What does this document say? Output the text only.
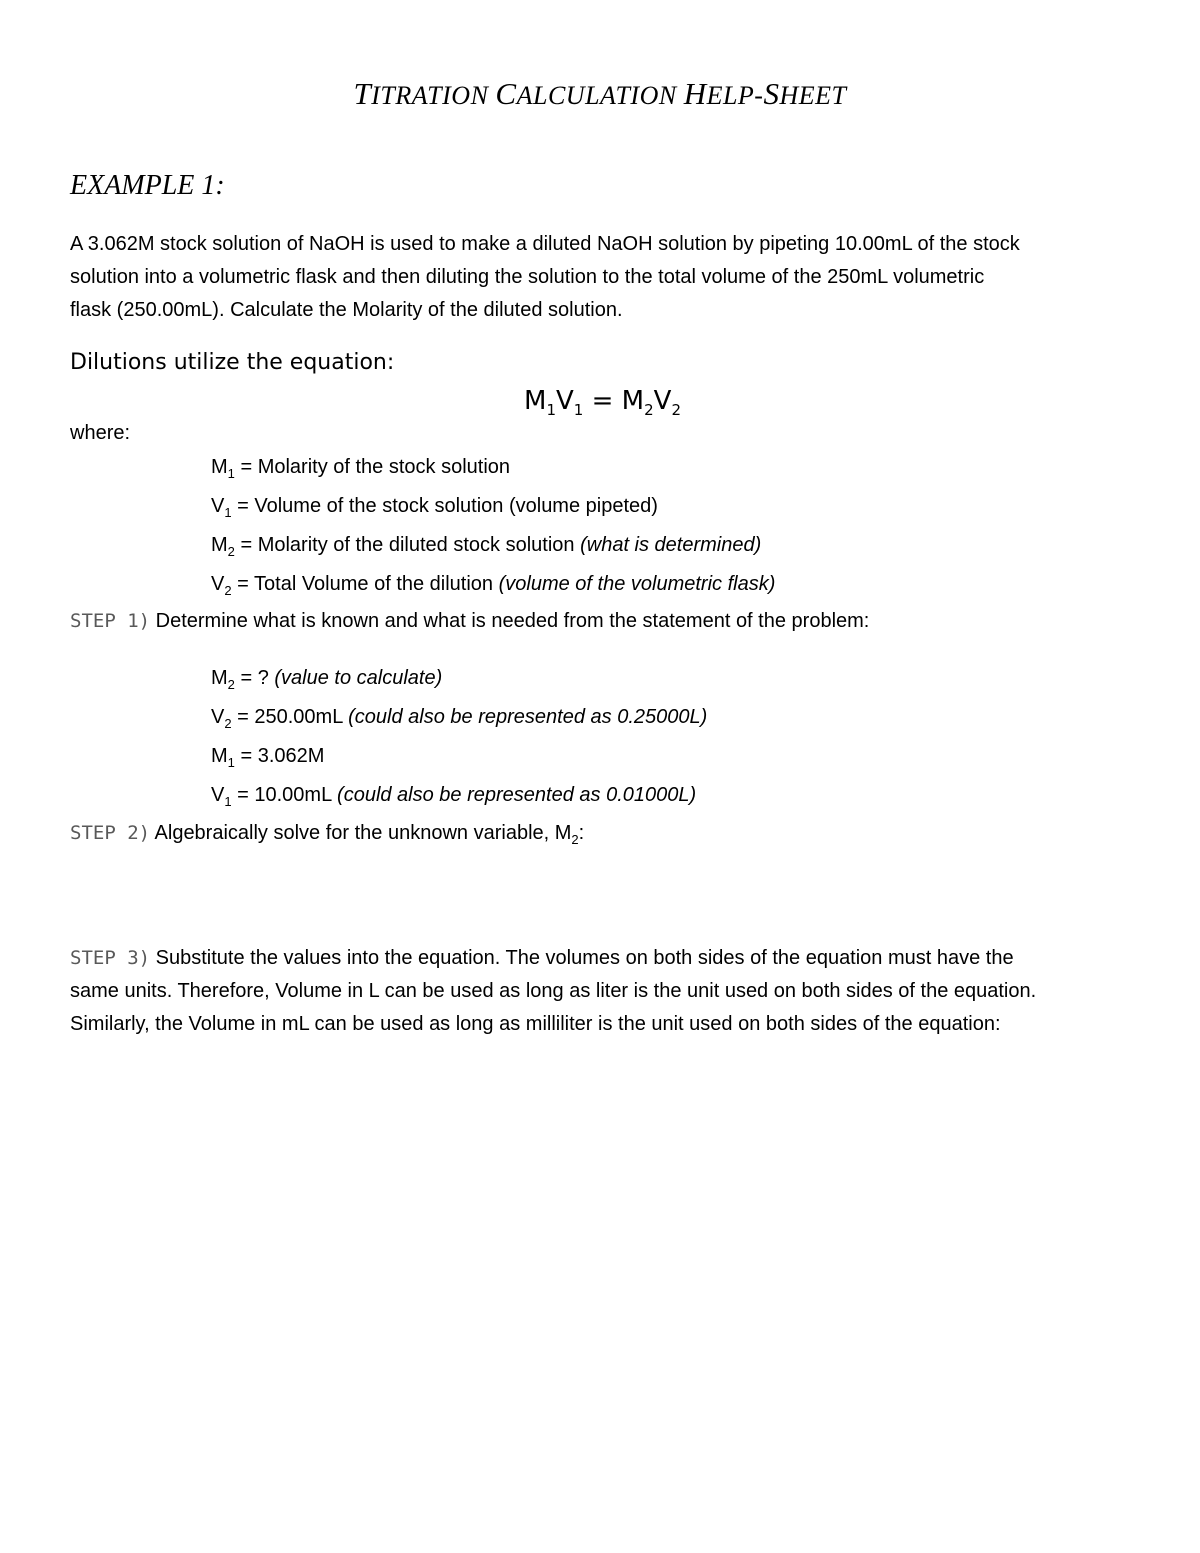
TITRATION CALCULATION HELP-SHEET
EXAMPLE 1:

A 3.062M stock solution of NaOH is used to make a diluted NaOH solution by pipeting 10.00mL of the stock

solution into a volumetric flask and then diluting the solution to the total volume of the 250mL volumetric

flask (250.00mL). Calculate the Molarity of the diluted solution.

Dilutions utilize the equation:
$M_1V_1 = M_2V_2$
where:
$M_1$ = Molarity of the stock solution
$V_1$ = Volume of the stock solution (volume pipeted)
$M_2$ = Molarity of the diluted stock solution (what is determined)
$V_2$ = Total Volume of the dilution (volume of the volumetric flask)

STEP 1) Determine what is known and what is needed from the statement of the problem:

$M_2$ = ? (value to calculate)
$V_2 = 250.00mL$ (could also be represented as 0.25000L)
$M_1 = 3.062M$
$V_1 = 10.00mL$ (could also be represented as 0.01000L)

STEP 2) Algebraically solve for the unknown variable, $M_2$:

STEP 3) Substitute the values into the equation. The volumes on both sides of the equation must have the

same units. Therefore, Volume in L can be used as long as liter is the unit used on both sides of the equation.

Similarly, the Volume in mL can be used as long as milliliter is the unit used on both sides of the equation:
